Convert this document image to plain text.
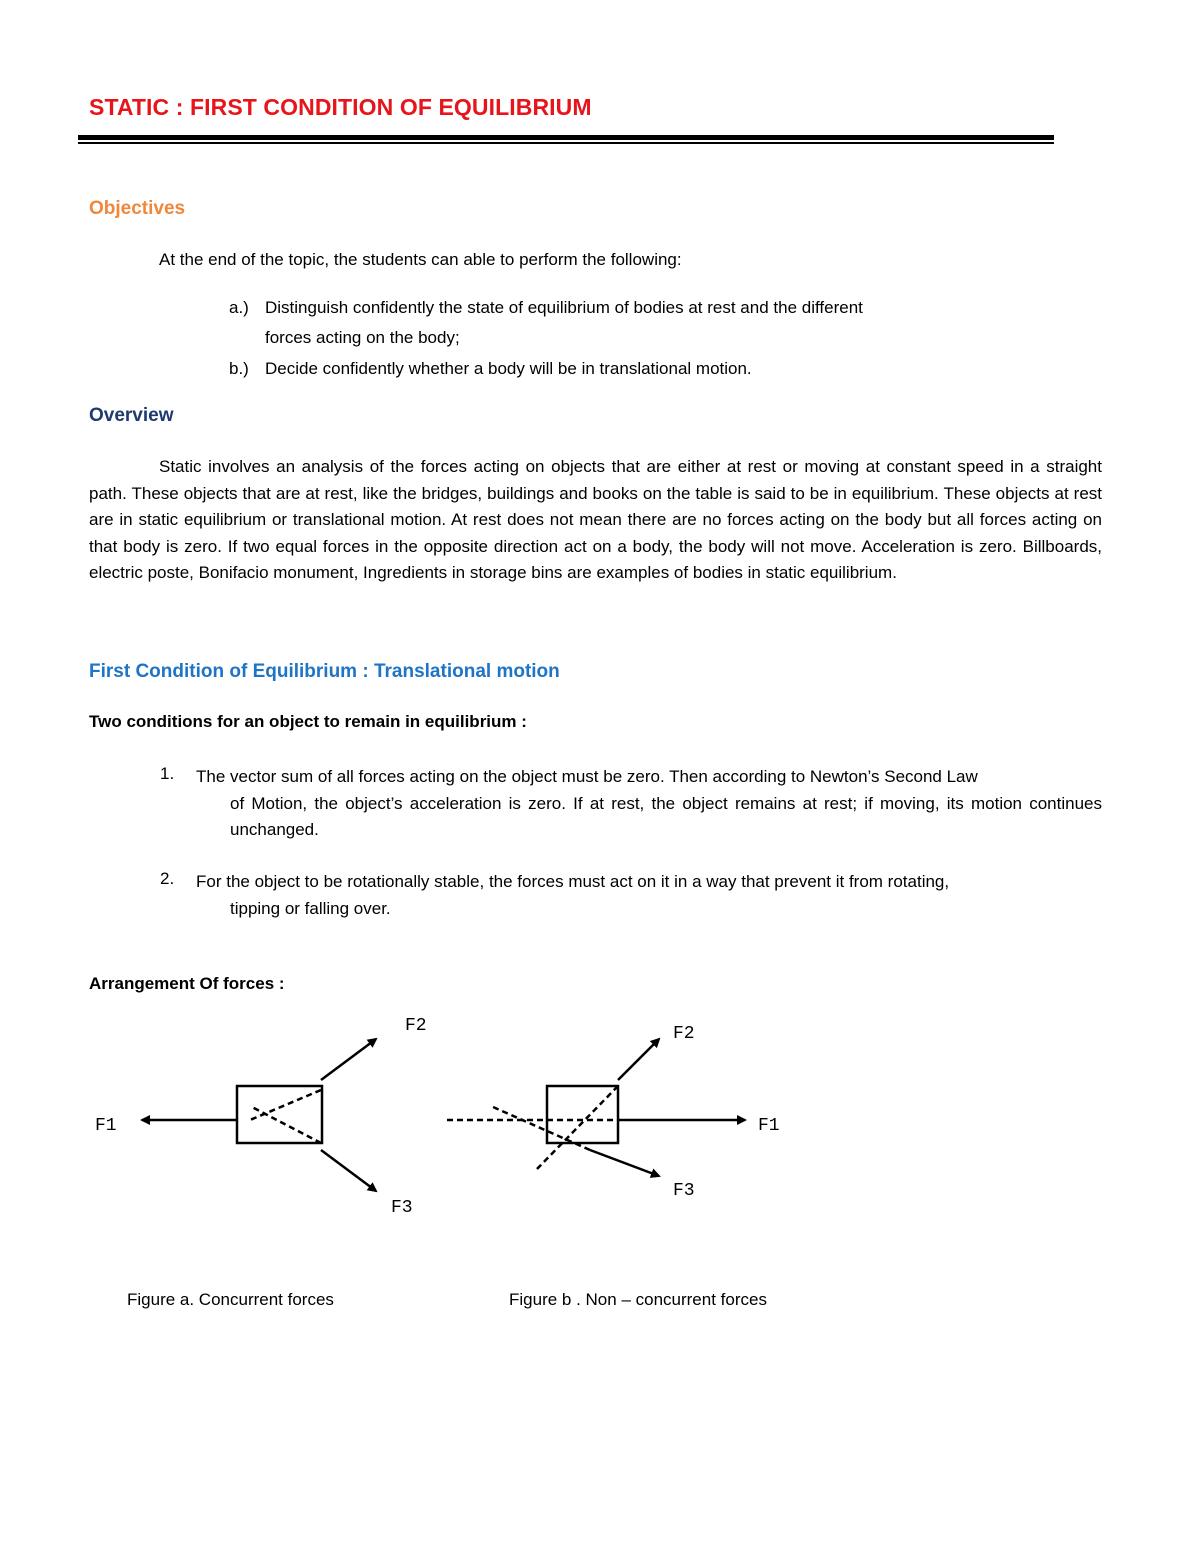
STATIC : FIRST CONDITION OF EQUILIBRIUM
Objectives
At the end of the topic, the students can able to perform the following:
a.) Distinguish confidently the state of equilibrium of bodies at rest and the different
forces acting on the body;
b.) Decide confidently whether a body will be in translational motion.
Overview
Static involves an analysis of the forces acting on objects that are either at rest or moving at constant speed in a straight path. These objects that are at rest, like the bridges, buildings and books on the table is said to be in equilibrium. These objects at rest are in static equilibrium or translational motion. At rest does not mean there are no forces acting on the body but all forces acting on that body is zero. If two equal forces in the opposite direction act on a body, the body will not move. Acceleration is zero. Billboards, electric poste, Bonifacio monument, Ingredients in storage bins are examples of bodies in static equilibrium.
First Condition of Equilibrium : Translational motion
Two conditions for an object to remain in equilibrium :
1. The vector sum of all forces acting on the object must be zero. Then according to Newton’s Second Law
of Motion, the object’s acceleration is zero. If at rest, the object remains at rest; if moving, its motion continues unchanged.
2. For the object to be rotationally stable, the forces must act on it in a way that prevent it from rotating,
tipping or falling over.
Arrangement Of forces :
F1
F2
F3
F1
F2
F3
Figure a. Concurrent forces	Figure b . Non – concurrent forces
